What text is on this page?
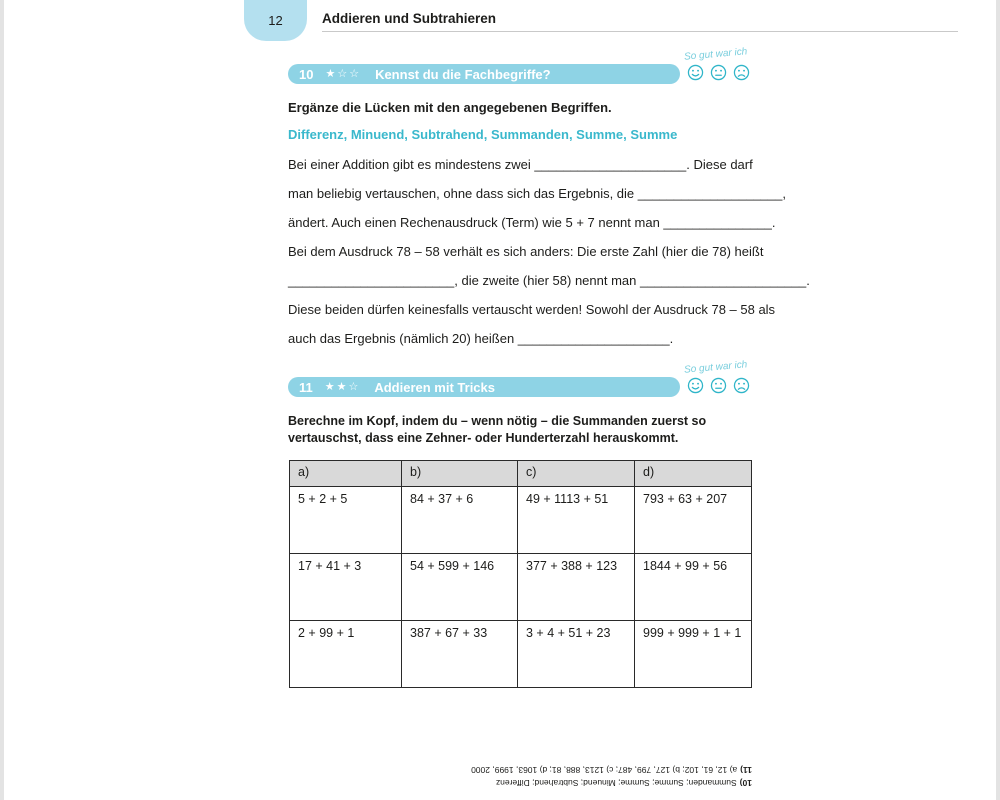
12	Addieren und Subtrahieren
10 ★☆☆ Kennst du die Fachbegriffe?
So gut war ich
Ergänze die Lücken mit den angegebenen Begriffen.
Differenz, Minuend, Subtrahend, Summanden, Summe, Summe
Bei einer Addition gibt es mindestens zwei _____________________. Diese darf
man beliebig vertauschen, ohne dass sich das Ergebnis, die ____________________,
ändert. Auch einen Rechenausdruck (Term) wie 5 + 7 nennt man _______________.
Bei dem Ausdruck 78 – 58 verhält es sich anders: Die erste Zahl (hier die 78) heißt
_______________________, die zweite (hier 58) nennt man _______________________.
Diese beiden dürfen keinesfalls vertauscht werden! Sowohl der Ausdruck 78 – 58 als
auch das Ergebnis (nämlich 20) heißen _____________________.
11 ★★☆ Addieren mit Tricks
So gut war ich
Berechne im Kopf, indem du – wenn nötig – die Summanden zuerst so vertauschst, dass eine Zehner- oder Hunderterzahl herauskommt.
a)	b)	c)	d)
5 + 2 + 5	84 + 37 + 6	49 + 1113 + 51	793 + 63 + 207
17 + 41 + 3	54 + 599 + 146	377 + 388 + 123	1844 + 99 + 56
2 + 99 + 1	387 + 67 + 33	3 + 4 + 51 + 23	999 + 999 + 1 + 1
10)Summanden; Summe; Summe; Minuend; Subtrahend; Differenz
11)a) 12, 61, 102; b) 127, 799, 487; c) 1213, 888, 81; d) 1063, 1999, 2000
